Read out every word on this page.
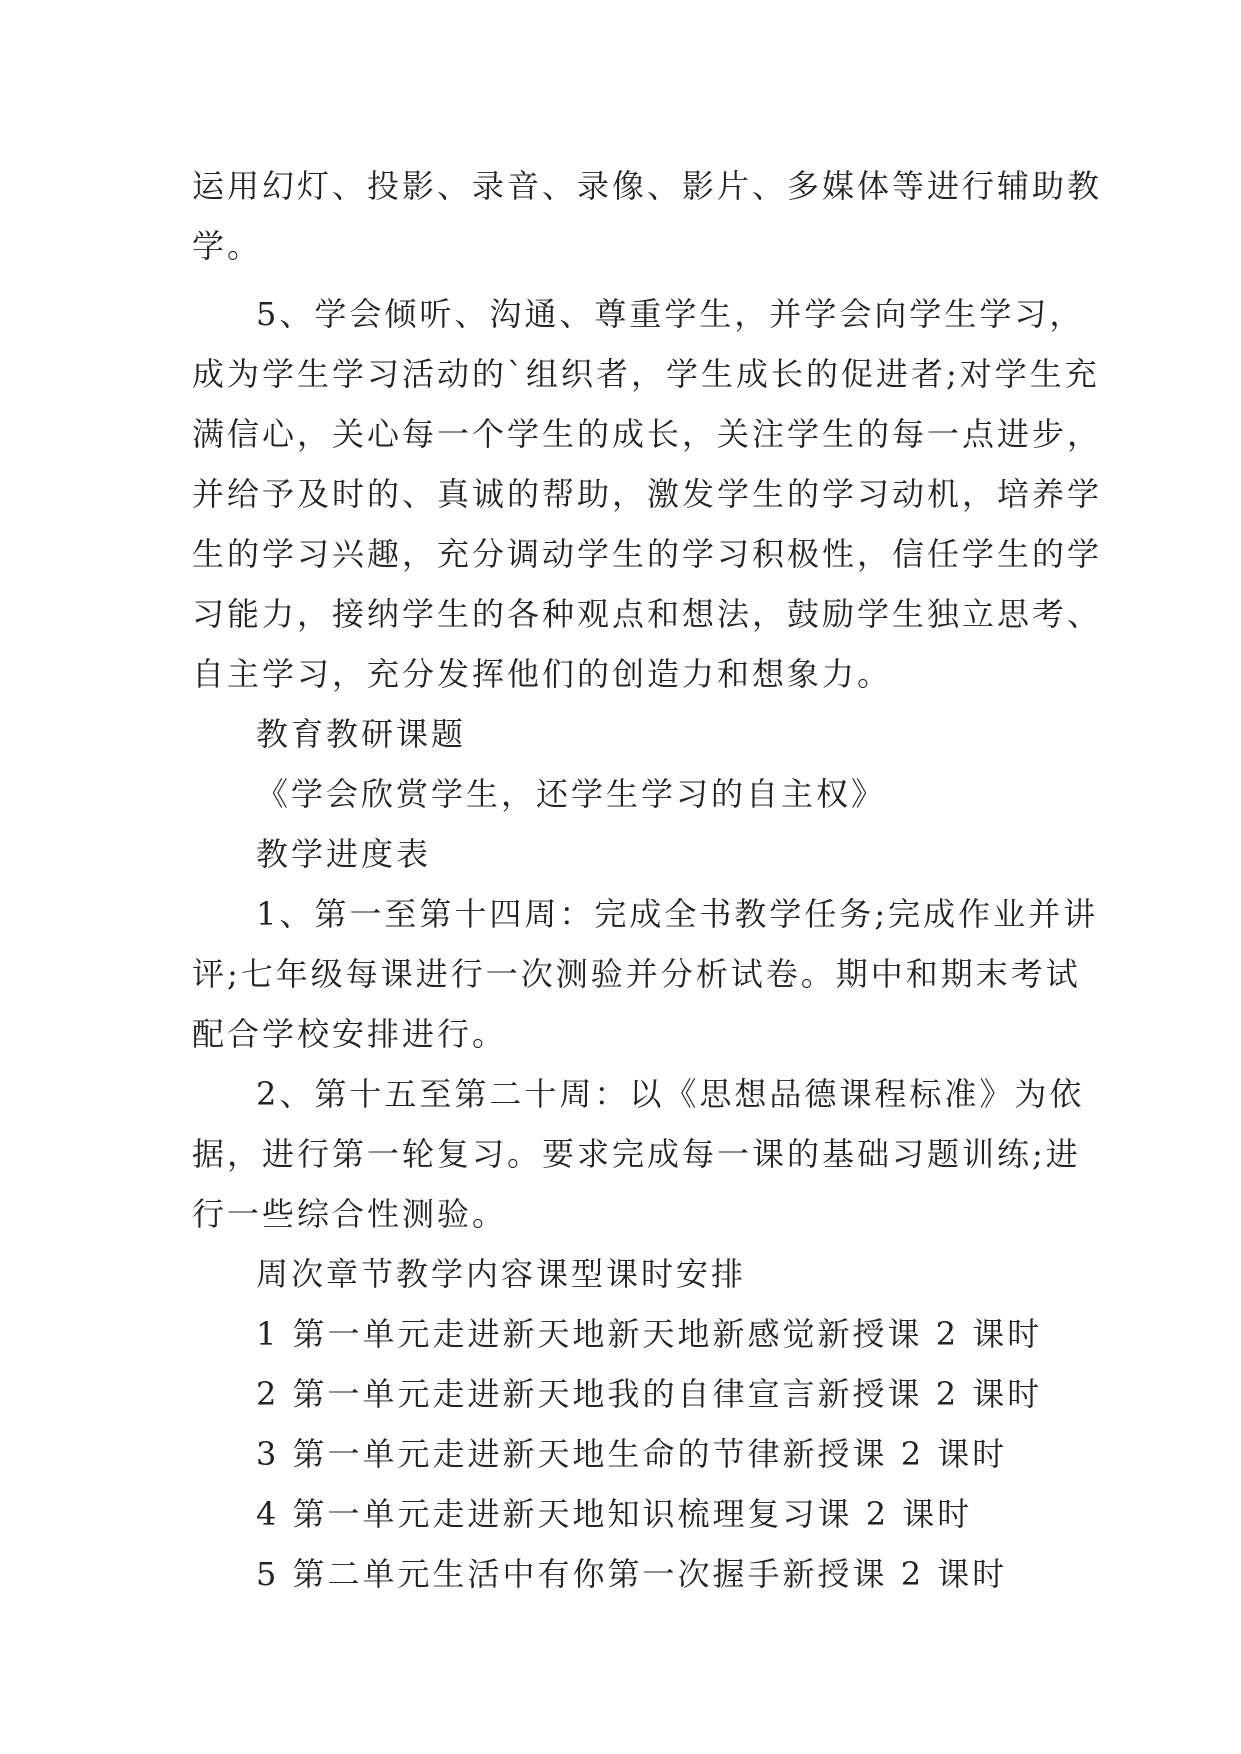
运用幻灯、投影、录音、录像、影片、多媒体等进行辅助教
学。
5、学会倾听、沟通、尊重学生，并学会向学生学习，
成为学生学习活动的`组织者，学生成长的促进者;对学生充
满信心，关心每一个学生的成长，关注学生的每一点进步，
并给予及时的、真诚的帮助，激发学生的学习动机，培养学
生的学习兴趣，充分调动学生的学习积极性，信任学生的学
习能力，接纳学生的各种观点和想法，鼓励学生独立思考、
自主学习，充分发挥他们的创造力和想象力。
教育教研课题
《学会欣赏学生，还学生学习的自主权》
教学进度表
1、第一至第十四周：完成全书教学任务;完成作业并讲
评;七年级每课进行一次测验并分析试卷。期中和期末考试
配合学校安排进行。
2、第十五至第二十周：以《思想品德课程标准》为依
据，进行第一轮复习。要求完成每一课的基础习题训练;进
行一些综合性测验。
周次章节教学内容课型课时安排
1 第一单元走进新天地新天地新感觉新授课 2 课时
2 第一单元走进新天地我的自律宣言新授课 2 课时
3 第一单元走进新天地生命的节律新授课 2 课时
4 第一单元走进新天地知识梳理复习课 2 课时
5 第二单元生活中有你第一次握手新授课 2 课时
